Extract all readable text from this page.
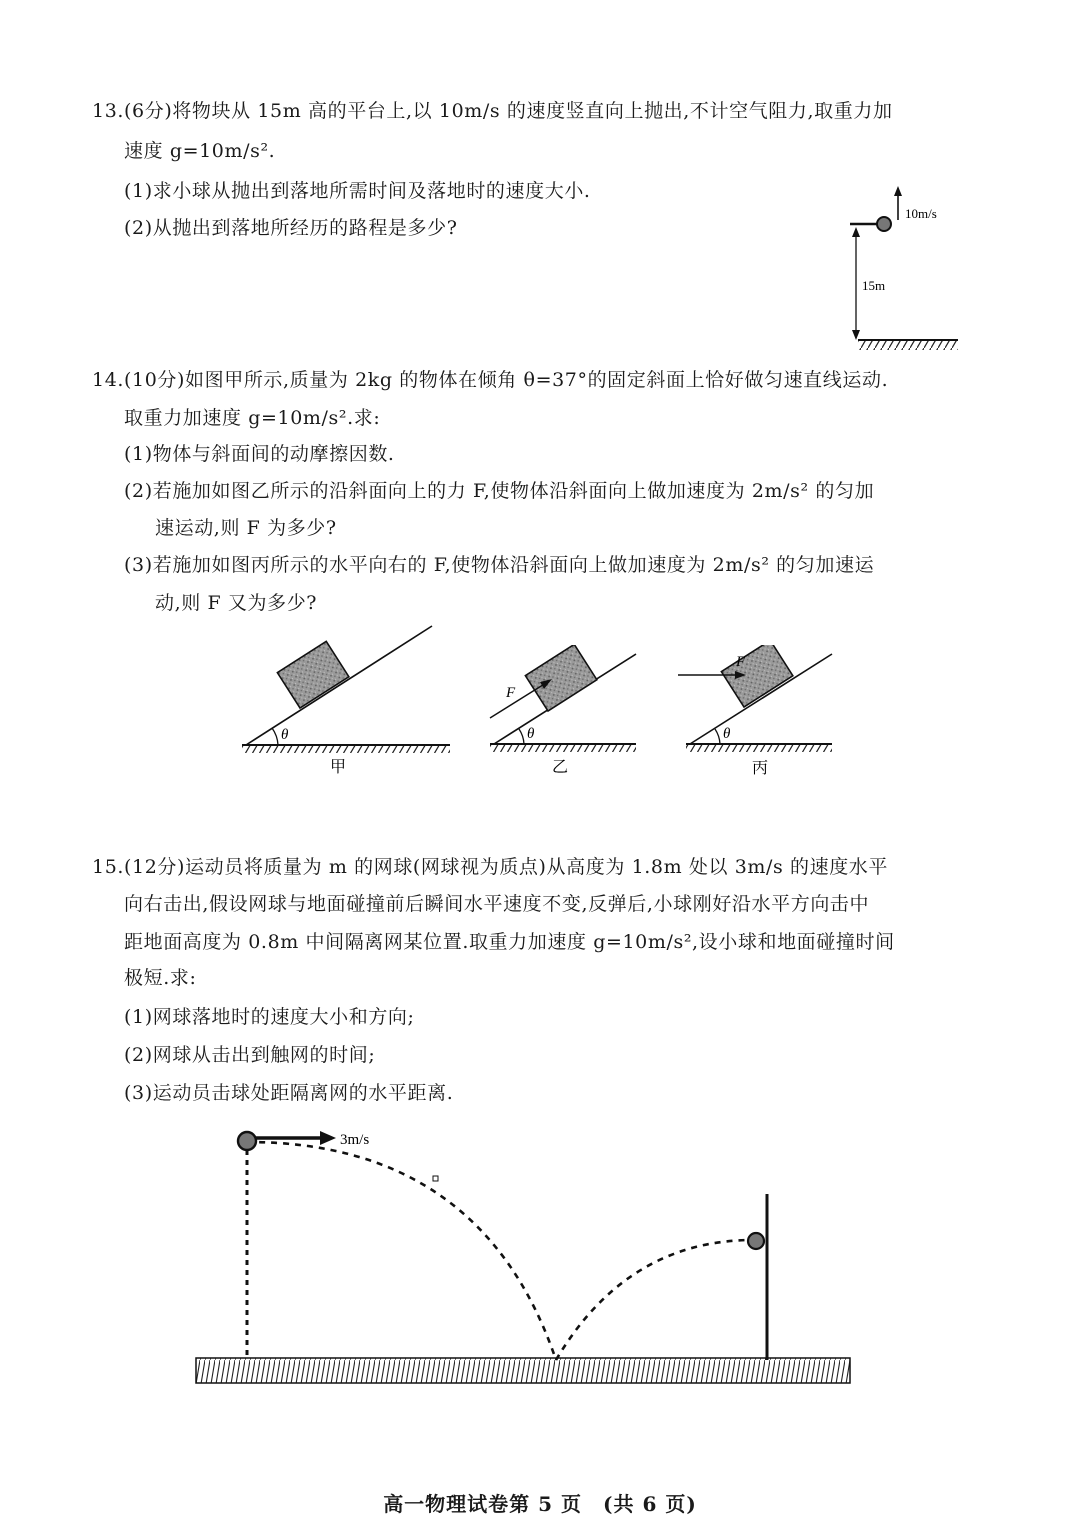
13.(6分)将物块从 15m 高的平台上,以 10m/s 的速度竖直向上抛出,不计空气阻力,取重力加
速度 g=10m/s².
(1)求小球从抛出到落地所需时间及落地时的速度大小.
(2)从抛出到落地所经历的路程是多少?
10m/s
15m
14.(10分)如图甲所示,质量为 2kg 的物体在倾角 θ=37°的固定斜面上恰好做匀速直线运动.
取重力加速度 g=10m/s².求:
(1)物体与斜面间的动摩擦因数.
(2)若施加如图乙所示的沿斜面向上的力 F,使物体沿斜面向上做加速度为 2m/s² 的匀加
速运动,则 F 为多少?
(3)若施加如图丙所示的水平向右的 F,使物体沿斜面向上做加速度为 2m/s² 的匀加速运
动,则 F 又为多少?
θ
甲
F
θ
乙
F
θ
丙
15.(12分)运动员将质量为 m 的网球(网球视为质点)从高度为 1.8m 处以 3m/s 的速度水平
向右击出,假设网球与地面碰撞前后瞬间水平速度不变,反弹后,小球刚好沿水平方向击中
距地面高度为 0.8m 中间隔离网某位置.取重力加速度 g=10m/s²,设小球和地面碰撞时间
极短.求:
(1)网球落地时的速度大小和方向;
(2)网球从击出到触网的时间;
(3)运动员击球处距隔离网的水平距离.
3m/s
高一物理试卷第 5 页　(共 6 页)
